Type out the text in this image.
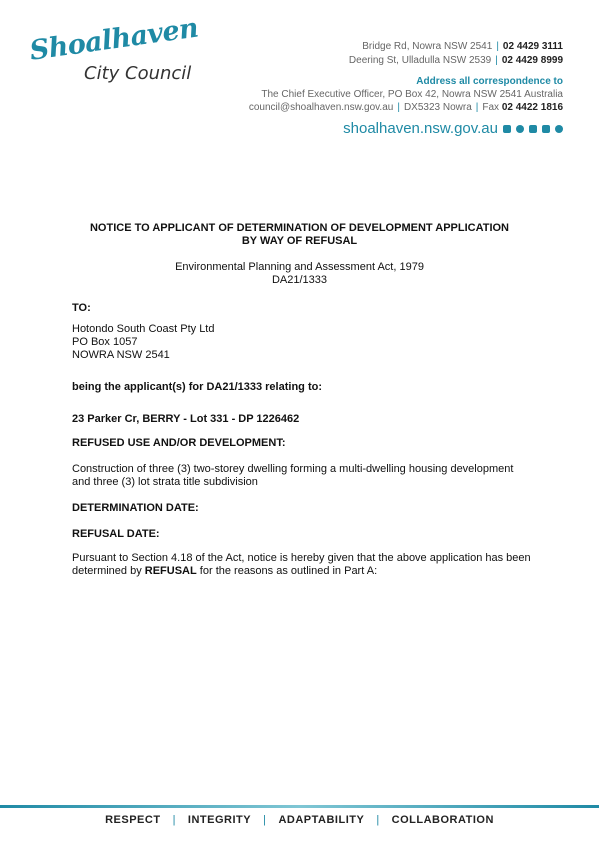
Shoalhaven
City Council
Bridge Rd, Nowra NSW 2541 | 02 4429 3111
Deering St, Ulladulla NSW 2539 | 02 4429 8999
Address all correspondence to
The Chief Executive Officer, PO Box 42, Nowra NSW 2541 Australia
council@shoalhaven.nsw.gov.au | DX5323 Nowra | Fax 02 4422 1816
shoalhaven.nsw.gov.au
NOTICE TO APPLICANT OF DETERMINATION OF DEVELOPMENT APPLICATION
BY WAY OF REFUSAL
Environmental Planning and Assessment Act, 1979
DA21/1333
TO:
Hotondo South Coast Pty Ltd
PO Box 1057
NOWRA NSW 2541
being the applicant(s) for DA21/1333 relating to:
23 Parker Cr, BERRY - Lot 331 - DP 1226462
REFUSED USE AND/OR DEVELOPMENT:
Construction of three (3) two-storey dwelling forming a multi-dwelling housing development
and three (3) lot strata title subdivision
DETERMINATION DATE:
REFUSAL DATE:
Pursuant to Section 4.18 of the Act, notice is hereby given that the above application has been
determined by REFUSAL for the reasons as outlined in Part A:
RESPECT | INTEGRITY | ADAPTABILITY | COLLABORATION
